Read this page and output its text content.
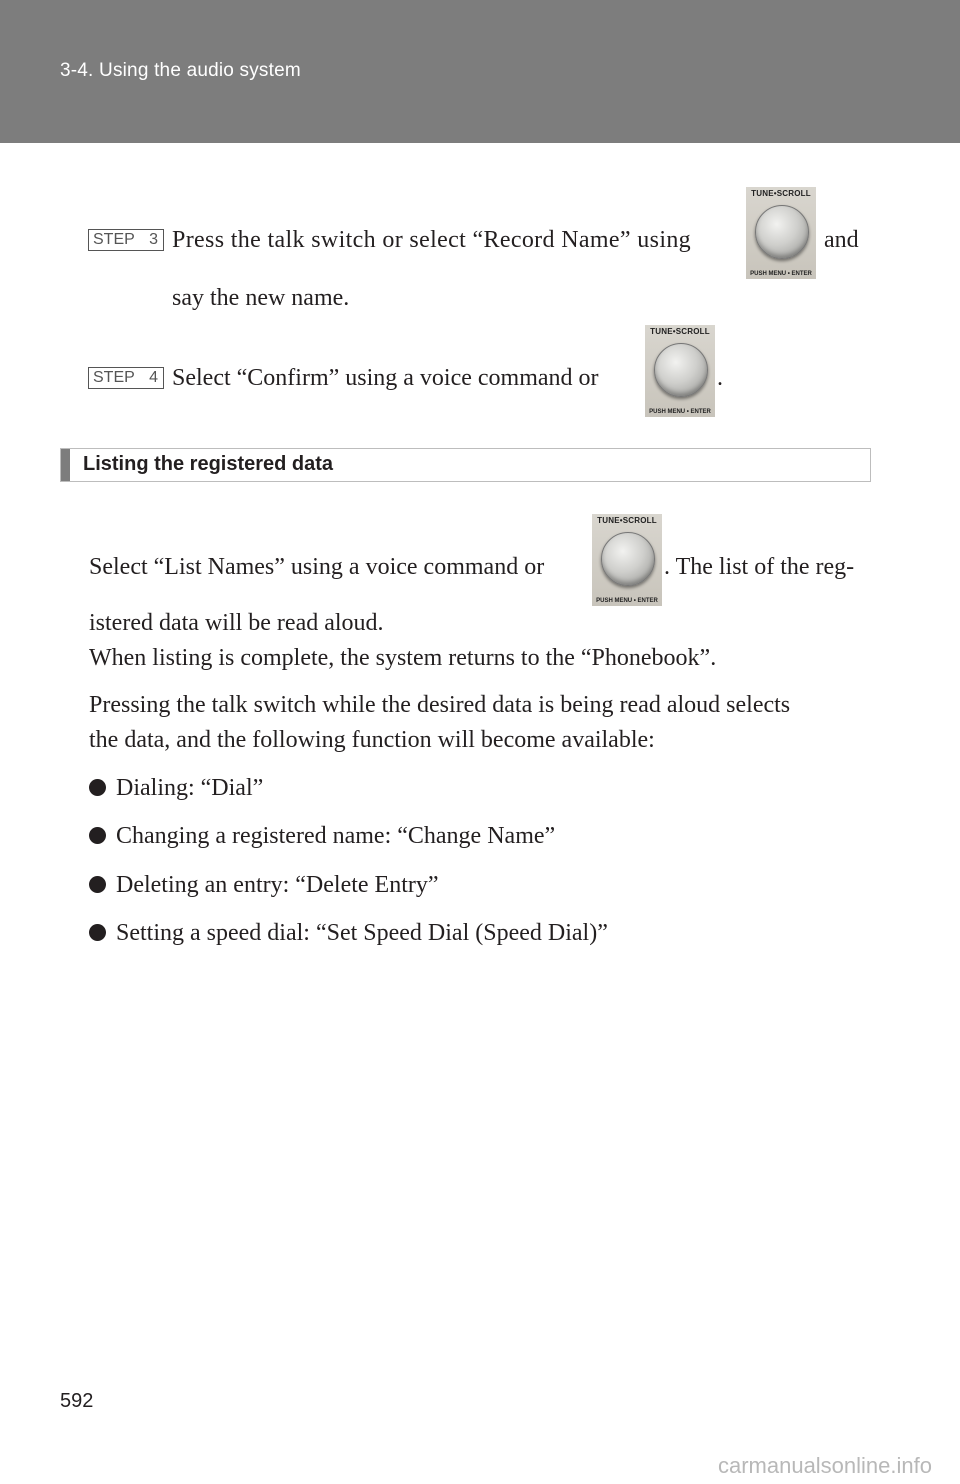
3-4. Using the audio system
STEP 3 Press the talk switch or select “Record Name” using
TUNE•SCROLL
PUSH MENU • ENTER
and
say the new name.
STEP 4 Select “Confirm” using a voice command or
TUNE•SCROLL
PUSH MENU • ENTER
.
Listing the registered data
Select “List Names” using a voice command or
TUNE•SCROLL
PUSH MENU • ENTER
. The list of the reg-
istered data will be read aloud.
When listing is complete, the system returns to the “Phonebook”.
Pressing the talk switch while the desired data is being read aloud selects
the data, and the following function will become available:
Dialing: “Dial”
Changing a registered name: “Change Name”
Deleting an entry: “Delete Entry”
Setting a speed dial: “Set Speed Dial (Speed Dial)”
592
carmanualsonline.info
